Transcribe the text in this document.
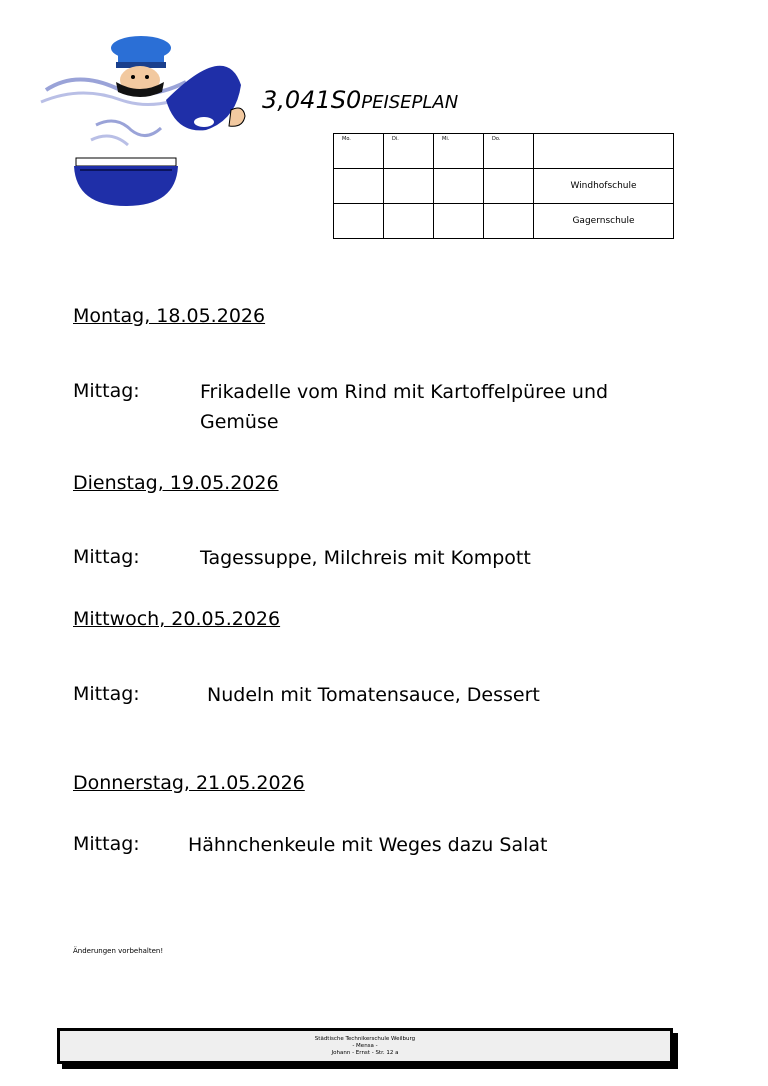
3,041S0PEISEPLAN
Mo.	Di.	Mi.	Do.	

				Windhofschule
				Gagernschule
Montag, 18.05.2026
Mittag:	Frikadelle vom Rind mit Kartoffelpüree und Gemüse
Dienstag, 19.05.2026
Mittag:	Tagessuppe, Milchreis mit Kompott
Mittwoch, 20.05.2026
Mittag:	Nudeln mit Tomatensauce, Dessert
Donnerstag, 21.05.2026
Mittag:	Hähnchenkeule mit Weges dazu Salat
Änderungen vorbehalten!
Städtische Technikerschule Weilburg
- Mensa -
Johann - Ernst - Str. 12 a
